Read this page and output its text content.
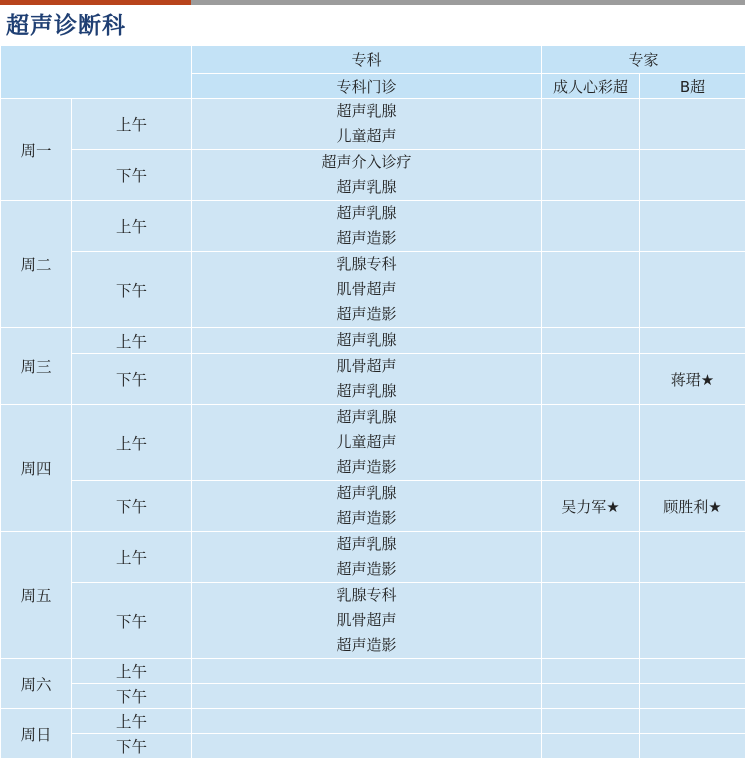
		专科	专家	
		专科门诊	成人心彩超	B超
周一	上午	超声乳腺
儿童超声		

	下午	超声介入诊疗
超声乳腺		

周二	上午	超声乳腺
超声造影		

	下午	乳腺专科
肌骨超声
超声造影		

周三	上午	超声乳腺		

	下午	肌骨超声
超声乳腺		蒋珺★
周四	上午	超声乳腺
儿童超声
超声造影		

	下午	超声乳腺
超声造影	吴力军★	顾胜利★
周五	上午	超声乳腺
超声造影		

	下午	乳腺专科
肌骨超声
超声造影		

周六	上午			
	下午			
周日	上午			
	下午			
超声诊断科
